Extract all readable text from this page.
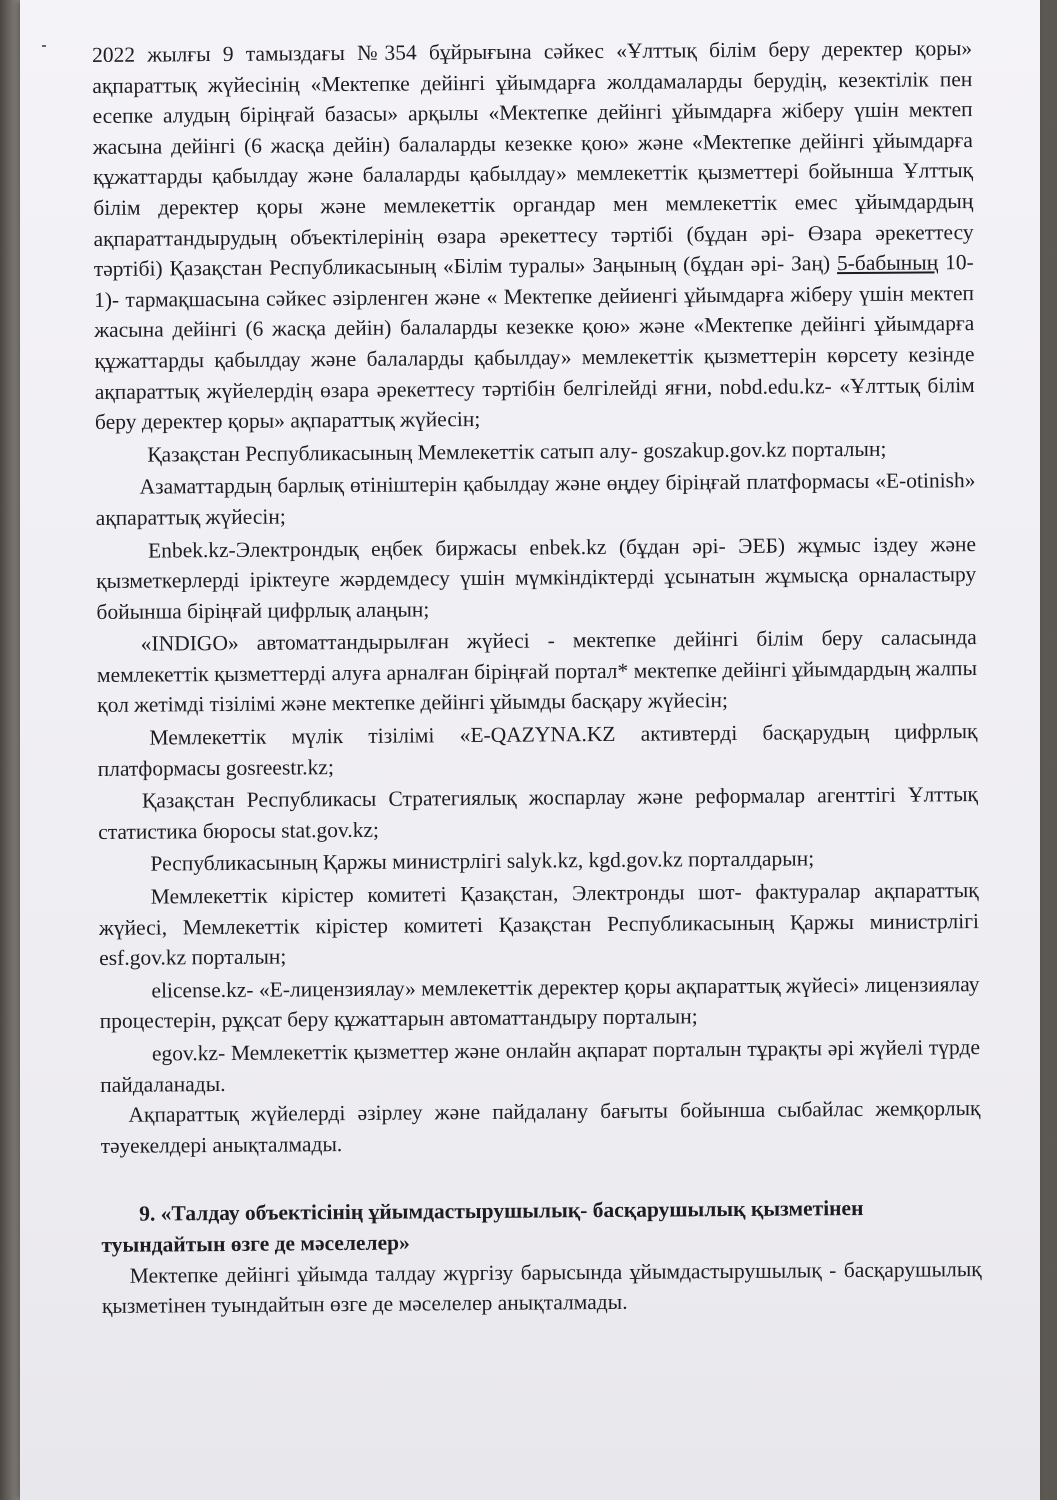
2022 жылғы 9 тамыздағы №354 бұйрығына сәйкес «Ұлттық білім беру деректер қоры» ақпараттық жүйесінің «Мектепке дейінгі ұйымдарға жолдамаларды берудің, кезектілік пен есепке алудың біріңғай базасы» арқылы «Мектепке дейінгі ұйымдарға жіберу үшін мектеп жасына дейінгі (6 жасқа дейін) балаларды кезекке қою» және «Мектепке дейінгі ұйымдарға құжаттарды қабылдау және балаларды қабылдау» мемлекеттік қызметтері бойынша Ұлттық білім деректер қоры және мемлекеттік органдар мен мемлекеттік емес ұйымдардың ақпараттандырудың объектілерінің өзара әрекеттесу тәртібі (бұдан әрі- Өзара әрекеттесу тәртібі) Қазақстан Республикасының «Білім туралы» Заңының (бұдан әрі- Заң) 5-бабының 10-1)- тармақшасына сәйкес әзірленген және « Мектепке дейиенгі ұйымдарға жіберу үшін мектеп жасына дейінгі (6 жасқа дейін) балаларды кезекке қою» және «Мектепке дейінгі ұйымдарға құжаттарды қабылдау және балаларды қабылдау» мемлекеттік қызметтерін көрсету кезінде ақпараттық жүйелердің өзара әрекеттесу тәртібін белгілейді яғни, nobd.edu.kz- «Ұлттық білім беру деректер қоры» ақпараттық жүйесін;

Қазақстан Республикасының Мемлекеттік сатып алу- goszakup.gov.kz порталын;

Азаматтардың барлық өтініштерін қабылдау және өңдеу біріңғай платформасы «E-otinish» ақпараттық жүйесін;

Enbek.kz-Электрондық еңбек биржасы enbek.kz (бұдан әрі- ЭЕБ) жұмыс іздеу және қызметкерлерді іріктеуге жәрдемдесу үшін мүмкіндіктерді ұсынатын жұмысқа орналастыру бойынша біріңғай цифрлық алаңын;

«INDIGO» автоматтандырылған жүйесі - мектепке дейінгі білім беру саласында мемлекеттік қызметтерді алуға арналған біріңғай портал* мектепке дейінгі ұйымдардың жалпы қол жетімді тізілімі және мектепке дейінгі ұйымды басқару жүйесін;

Мемлекеттік мүлік тізілімі «E-QAZYNA.KZ активтерді басқарудың цифрлық платформасы gosreestr.kz;

Қазақстан Республикасы Стратегиялық жоспарлау және реформалар агенттігі Ұлттық статистика бюросы stat.gov.kz;

Республикасының Қаржы министрлігі salyk.kz, kgd.gov.kz порталдарын;

Мемлекеттік кірістер комитеті Қазақстан, Электронды шот- фактуралар ақпараттық жүйесі, Мемлекеттік кірістер комитеті Қазақстан Республикасының Қаржы министрлігі esf.gov.kz порталын;

elicense.kz- «Е-лицензиялау» мемлекеттік деректер қоры ақпараттық жүйесі» лицензиялау процестерін, рұқсат беру құжаттарын автоматтандыру порталын;

egov.kz- Мемлекеттік қызметтер және онлайн ақпарат порталын тұрақты әрі жүйелі түрде пайдаланады.

Ақпараттық жүйелерді әзірлеу және пайдалану бағыты бойынша сыбайлас жемқорлық тәуекелдері анықталмады.

9. «Талдау объектісінің ұйымдастырушылық- басқарушылық қызметінен туындайтын өзге де мәселелер»

Мектепке дейінгі ұйымда талдау жүргізу барысында ұйымдастырушылық - басқарушылық қызметінен туындайтын өзге де мәселелер анықталмады.
